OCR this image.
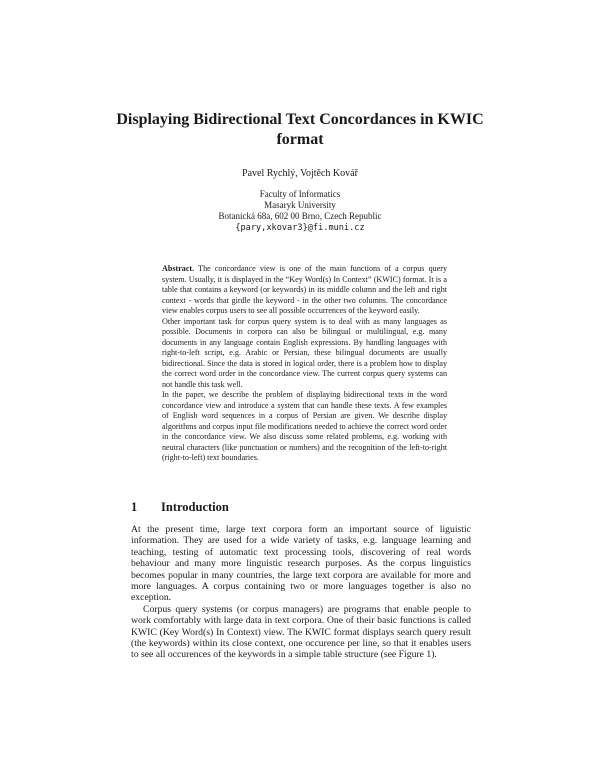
Displaying Bidirectional Text Concordances in KWIC format
Pavel Rychlý, Vojtěch Kovář
Faculty of Informatics
Masaryk University
Botanická 68a, 602 00 Brno, Czech Republic
{pary,xkovar3}@fi.muni.cz

Abstract. The concordance view is one of the main functions of a corpus query system. Usually, it is displayed in the “Key Word(s) In Context” (KWIC) format. It is a table that contains a keyword (or keywords) in its middle column and the left and right context - words that girdle the keyword - in the other two columns. The concordance view enables corpus users to see all possible occurrences of the keyword easily.

Other important task for corpus query system is to deal with as many languages as possible. Documents in corpora can also be bilingual or multilingual, e.g. many documents in any language contain English expressions. By handling languages with right-to-left script, e.g. Arabic or Persian, these bilingual documents are usually bidirectional. Since the data is stored in logical order, there is a problem how to display the correct word order in the concordance view. The current corpus query systems can not handle this task well.

In the paper, we describe the problem of displaying bidirectional texts in the word concordance view and introduce a system that can handle these texts. A few examples of English word sequences in a corpus of Persian are given. We describe display algorithms and corpus input file modifications needed to achieve the correct word order in the concordance view. We also discuss some related problems, e.g. working with neutral characters (like punctuation or numbers) and the recognition of the left-to-right (right-to-left) text boundaries.

1 Introduction

At the present time, large text corpora form an important source of liguistic information. They are used for a wide variety of tasks, e.g. language learning and teaching, testing of automatic text processing tools, discovering of real words behaviour and many more linguistic research purposes. As the corpus linguistics becomes popular in many countries, the large text corpora are available for more and more languages. A corpus containing two or more languages together is also no exception.

Corpus query systems (or corpus managers) are programs that enable people to work comfortably with large data in text corpora. One of their basic functions is called KWIC (Key Word(s) In Context) view. The KWIC format displays search query result (the keywords) within its close context, one occurence per line, so that it enables users to see all occurences of the keywords in a simple table structure (see Figure 1).
